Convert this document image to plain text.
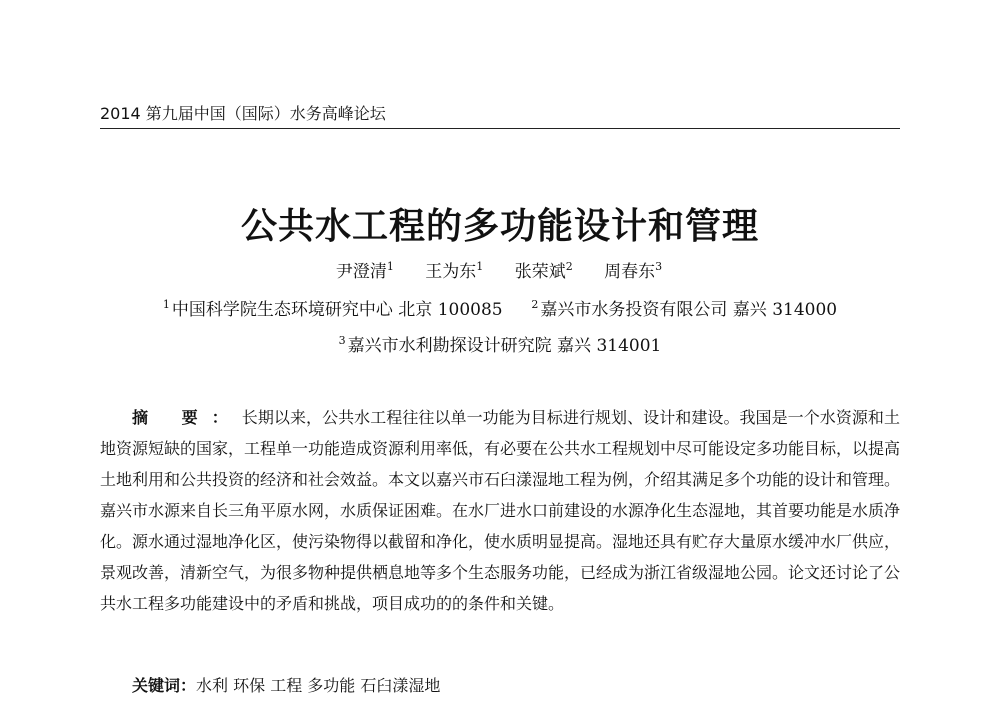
2014 第九届中国（国际）水务高峰论坛
公共水工程的多功能设计和管理
尹澄清$^1$ 王为东$^1$ 张荣斌$^2$ 周春东$^3$
$^1$ 中国科学院生态环境研究中心 北京 100085	$^2$ 嘉兴市水务投资有限公司 嘉兴 314000
$^3$ 嘉兴市水利勘探设计研究院 嘉兴 314001
摘 要：长期以来，公共水工程往往以单一功能为目标进行规划、设计和建设。我国是一个水资源和土地资源短缺的国家，工程单一功能造成资源利用率低，有必要在公共水工程规划中尽可能设定多功能目标，以提高土地利用和公共投资的经济和社会效益。本文以嘉兴市石臼漾湿地工程为例，介绍其满足多个功能的设计和管理。嘉兴市水源来自长三角平原水网，水质保证困难。在水厂进水口前建设的水源净化生态湿地，其首要功能是水质净化。源水通过湿地净化区，使污染物得以截留和净化，使水质明显提高。湿地还具有贮存大量原水缓冲水厂供应，景观改善，清新空气，为很多物种提供栖息地等多个生态服务功能，已经成为浙江省级湿地公园。论文还讨论了公共水工程多功能建设中的矛盾和挑战，项目成功的的条件和关键。
关键词：水利 环保 工程 多功能 石臼漾湿地
